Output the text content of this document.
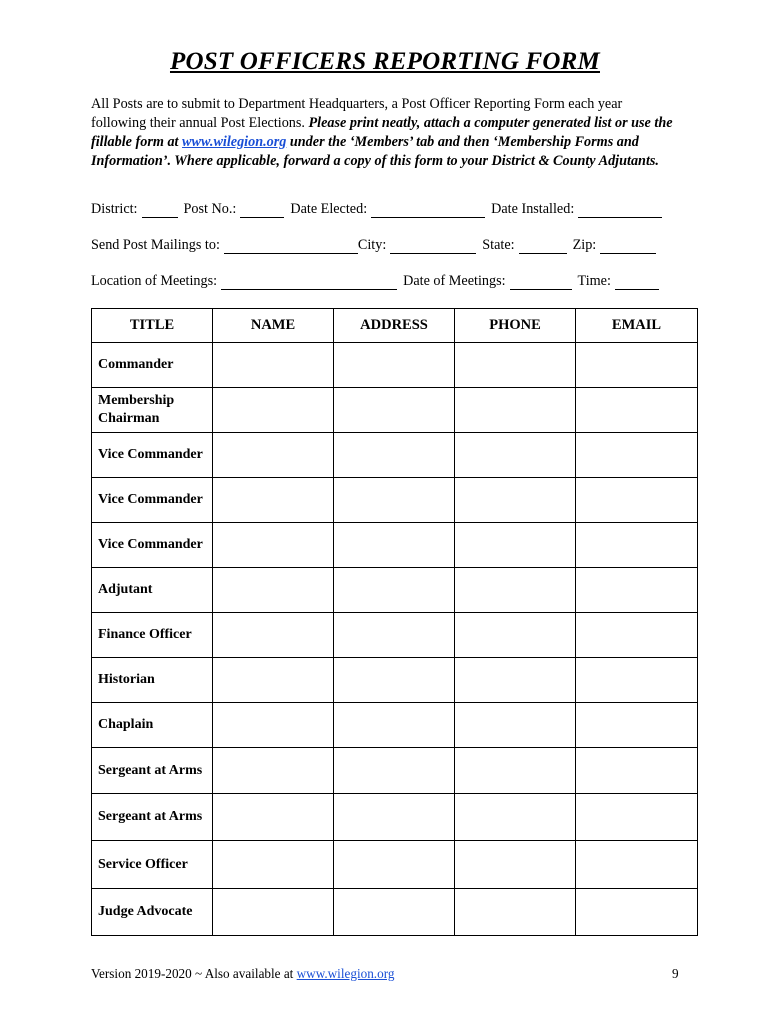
POST OFFICERS REPORTING FORM
All Posts are to submit to Department Headquarters, a Post Officer Reporting Form each year following their annual Post Elections. Please print neatly, attach a computer generated list or use the fillable form at www.wilegion.org under the ‘Members’ tab and then ‘Membership Forms and Information’. Where applicable, forward a copy of this form to your District & County Adjutants.
District:	Post No.:	Date Elected:	Date Installed:
Send Post Mailings to:	City:	State:	Zip:
Location of Meetings:	Date of Meetings:	Time:
TITLE	NAME	ADDRESS	PHONE	EMAIL
Commander				
Membership Chairman				
Vice Commander				
Vice Commander				
Vice Commander				
Adjutant				
Finance Officer				
Historian				
Chaplain				
Sergeant at Arms				
Sergeant at Arms				
Service Officer				
Judge Advocate				
Version 2019-2020 ~ Also available at www.wilegion.org	9
